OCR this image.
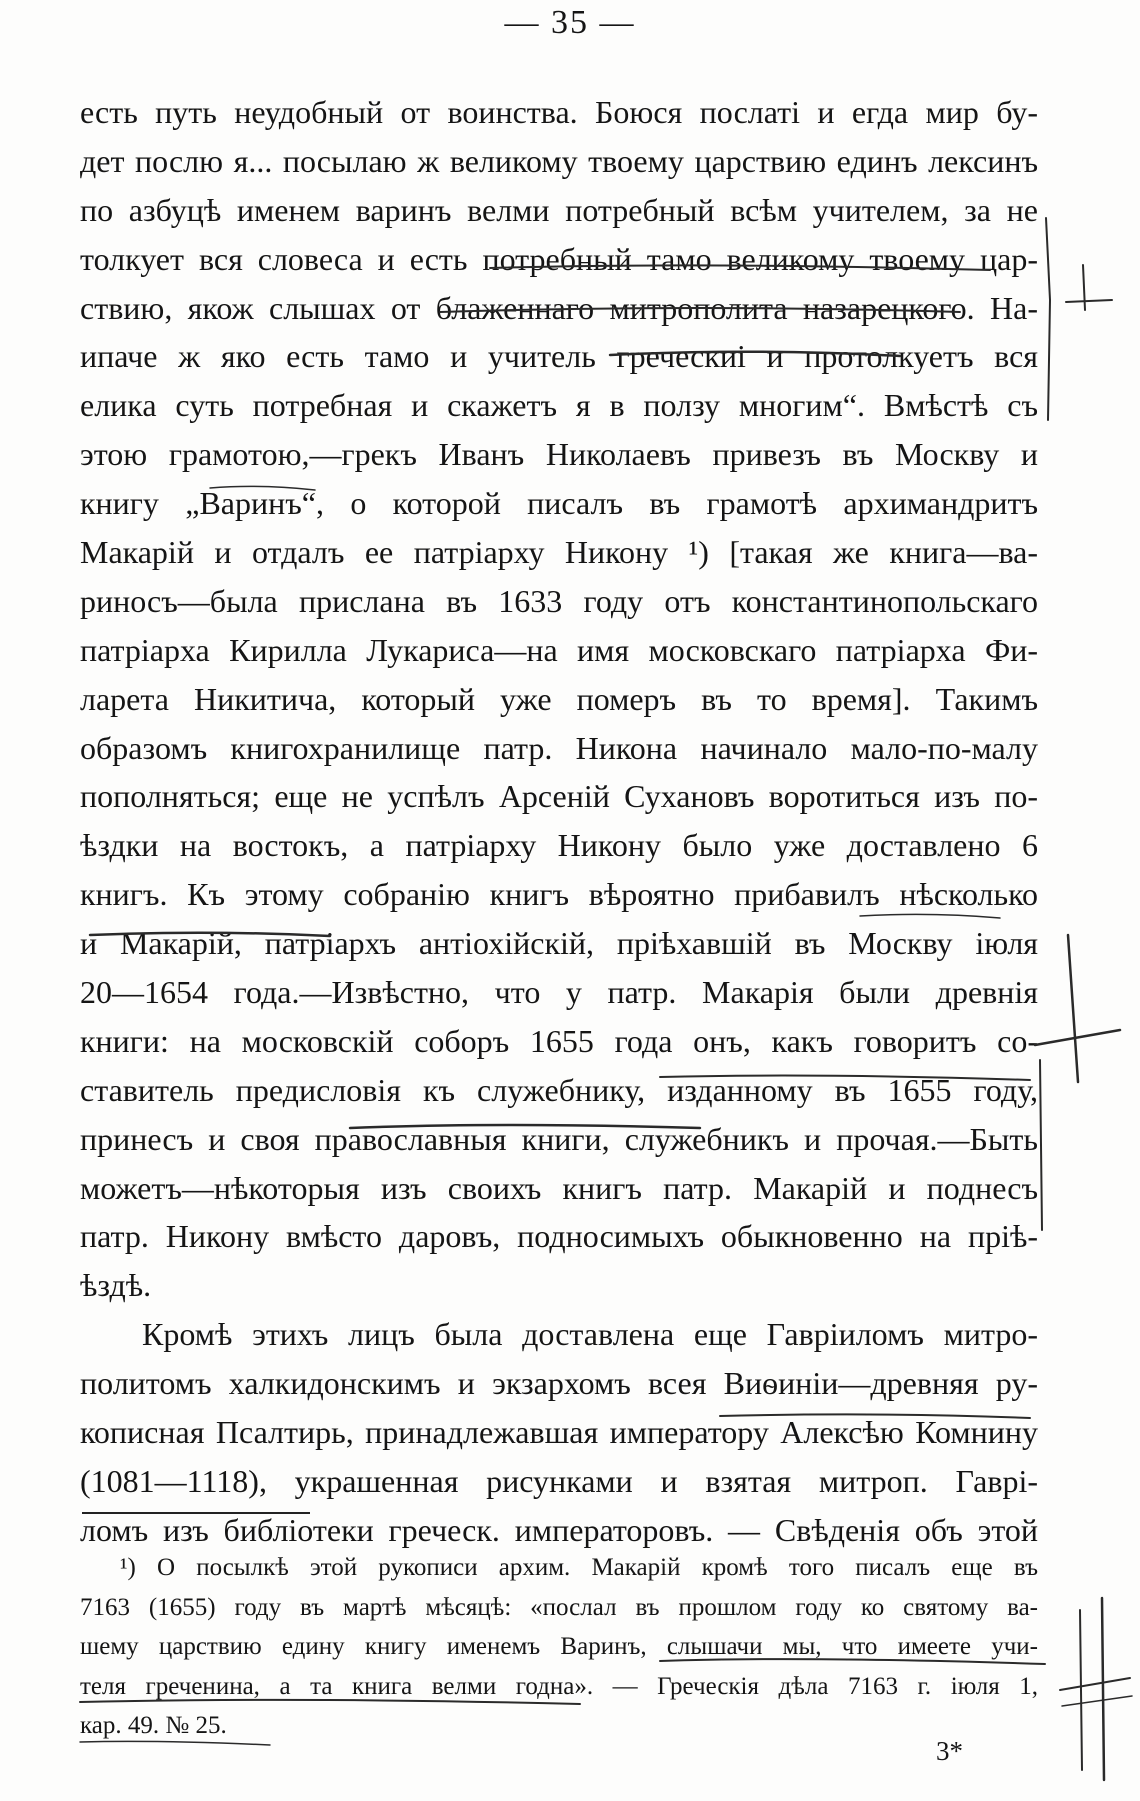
— 35 —
есть путь неудобный от воинства. Боюся послаті и егда мир бу-
дет послю я... посылаю ж великому твоему царствию единъ лексинъ
по азбуцѣ именем варинъ велми потребный всѣм учителем, за не
толкует вся словеса и есть потребный тамо великому твоему цар-
ствию, якож слышах от блаженнаго митрополита назарецкого. На-
ипаче ж яко есть тамо и учитель греческиі и протолкуетъ вся
елика суть потребная и скажетъ я в ползу многим“. Вмѣстѣ съ
этою грамотою,—грекъ Иванъ Николаевъ привезъ въ Москву и
книгу „Варинъ“, о которой писалъ въ грамотѣ архимандритъ
Макарій и отдалъ ее патріарху Никону ¹) [такая же книга—ва-
риносъ—была прислана въ 1633 году отъ константинопольскаго
патріарха Кирилла Лукариса—на имя московскаго патріарха Фи-
ларета Никитича, который уже померъ въ то время]. Такимъ
образомъ книгохранилище патр. Никона начинало мало-по-малу
пополняться; еще не успѣлъ Арсеній Сухановъ воротиться изъ по-
ѣздки на востокъ, а патріарху Никону было уже доставлено 6
книгъ. Къ этому собранію книгъ вѣроятно прибавилъ нѣсколько
и Макарій, патріархъ антіохійскій, пріѣхавшій въ Москву іюля
20—1654 года.—Извѣстно, что у патр. Макарія были древнія
книги: на московскій соборъ 1655 года онъ, какъ говоритъ со-
ставитель предисловія къ служебнику, изданному въ 1655 году,
принесъ и своя православныя книги, служебникъ и прочая.—Быть
можетъ—нѣкоторыя изъ своихъ книгъ патр. Макарій и поднесъ
патр. Никону вмѣсто даровъ, подносимыхъ обыкновенно на пріѣ-
ѣздѣ.
Кромѣ этихъ лицъ была доставлена еще Гавріиломъ митро-
политомъ халкидонскимъ и экзархомъ всея Виѳиніи—древняя ру-
кописная Псалтирь, принадлежавшая императору Алексѣю Комнину
(1081—1118), украшенная рисунками и взятая митроп. Гаврі-
ломъ изъ библіотеки греческ. императоровъ. — Свѣденія объ этой
¹) О посылкѣ этой рукописи архим. Макарій кромѣ того писалъ еще въ
7163 (1655) году въ мартѣ мѣсяцѣ: «послал въ прошлом году ко святому ва-
шему царствию едину книгу именемъ Варинъ, слышачи мы, что имеете учи-
теля греченина, а та книга велми годна». — Греческія дѣла 7163 г. іюля 1,
кар. 49. № 25.
3*
